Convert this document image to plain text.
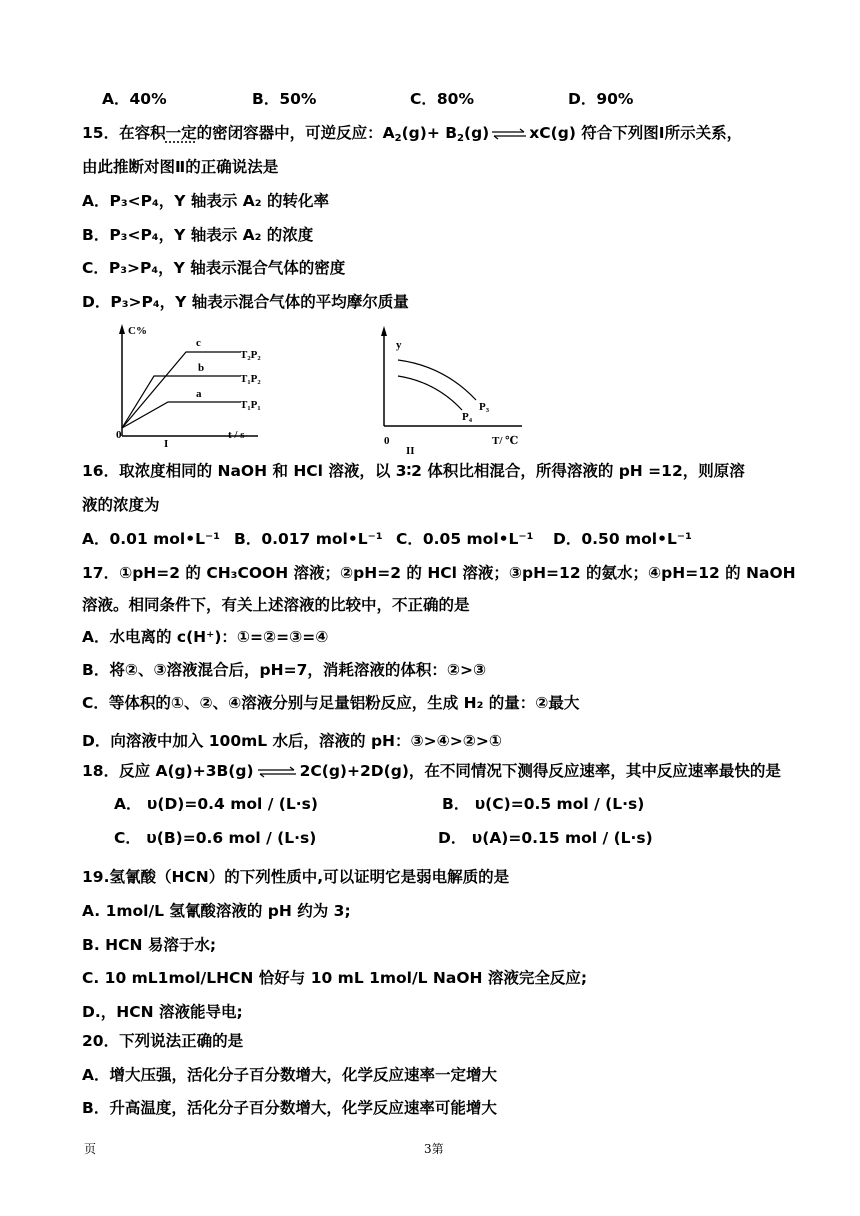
A．40%	B．50%	C．80%	D．90%
15．在容积一定的密闭容器中，可逆反应：$A_2(g)+$ $B_2(g)\rightleftharpoons xC(g)$ 符合下列图Ⅰ所示关系，
由此推断对图Ⅱ的正确说法是
A．P₃<P₄，Y 轴表示 A₂ 的转化率
B．P₃<P₄，Y 轴表示 A₂ 的浓度
C．P₃>P₄，Y 轴表示混合气体的密度
D．P₃>P₄，Y 轴表示混合气体的平均摩尔质量
C%
c
b
a
T₂P₂
T₁P₂
T₁P₁
0	t / s
I
y
P₃
P₄
0	T/ ℃
II
16．取浓度相同的 NaOH 和 HCl 溶液，以 3∶2 体积比相混合，所得溶液的 pH =12，则原溶
液的浓度为
A．0.01 mol•L⁻¹ B．0.017 mol•L⁻¹ C．0.05 mol•L⁻¹ D．0.50 mol•L⁻¹
17．①pH=2 的 CH₃COOH 溶液；②pH=2 的 HCl 溶液；③pH=12 的氨水；④pH=12 的 NaOH
溶液。相同条件下，有关上述溶液的比较中，不正确的是
A．水电离的 c(H⁺)：①=②=③=④
B．将②、③溶液混合后，pH=7，消耗溶液的体积：②>③
C．等体积的①、②、④溶液分别与足量铝粉反应，生成 H₂ 的量：②最大
D．向溶液中加入 100mL 水后，溶液的 pH：③>④>②>①
18．反应 A(g)+3B(g) ⇌ 2C(g)+2D(g)，在不同情况下测得反应速率，其中反应速率最快的是
A． υ(D)=0.4 mol / (L·s)	B． υ(C)=0.5 mol / (L·s)
C． υ(B)=0.6 mol / (L·s)	D． υ(A)=0.15 mol / (L·s)
19.氢氰酸（HCN）的下列性质中,可以证明它是弱电解质的是
A. 1mol/L 氢氰酸溶液的 pH 约为 3;
B. HCN 易溶于水;
C. 10 mL1mol/LHCN 恰好与 10 mL 1mol/L NaOH 溶液完全反应;
D.，HCN 溶液能导电;
20．下列说法正确的是
A．增大压强，活化分子百分数增大，化学反应速率一定增大
B．升高温度，活化分子百分数增大，化学反应速率可能增大
页	3第
